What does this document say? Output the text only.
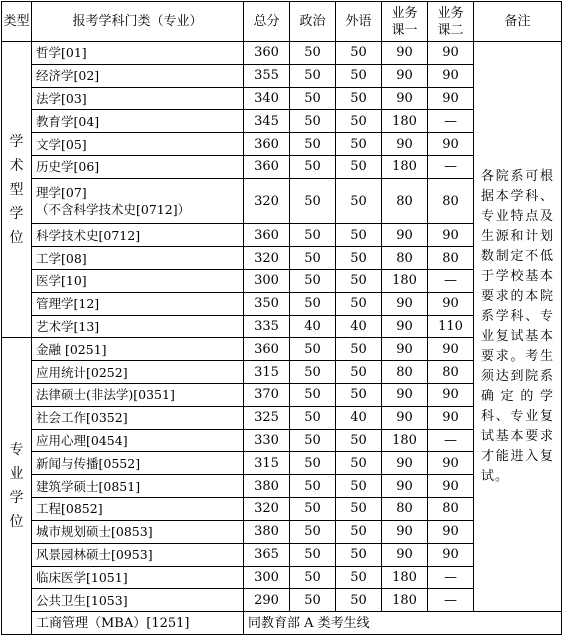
类型	报考学科门类（专业）	总分	政治	外语	业务课一	业务课二	备注

学术型学位	哲学[01]	360	50	50	90	90	各院系可根据本学科、专业特点及生源和计划数制定不低于学校基本要求的本院系学科、专业复试基本要求。考生须达到院系确定的学科、专业复试基本要求才能进入复试。

	经济学[02]	355	50	50	90	90	
	法学[03]	340	50	50	90	90	
	教育学[04]	345	50	50	180	—	
	文学[05]	360	50	50	90	90	
	历史学[06]	360	50	50	180	—	
	理学[07]
（不含科学技术史[0712]）	320	50	50	80	80	
	科学技术史[0712]	360	50	50	90	90	
	工学[08]	320	50	50	80	80	
	医学[10]	300	50	50	180	—	
	管理学[12]	350	50	50	90	90	
	艺术学[13]	335	40	40	90	110	

专业学位	金融 [0251]	360	50	50	90	90	
	应用统计[0252]	315	50	50	80	80	
	法律硕士(非法学)[0351]	370	50	50	90	90	
	社会工作[0352]	325	50	40	90	90	
	应用心理[0454]	330	50	50	180	—	
	新闻与传播[0552]	315	50	50	90	90	
	建筑学硕士[0851]	380	50	50	90	90	
	工程[0852]	320	50	50	80	80	
	城市规划硕士[0853]	380	50	50	90	90	
	风景园林硕士[0953]	365	50	50	90	90	
	临床医学[1051]	300	50	50	180	—	
	公共卫生[1053]	290	50	50	180	—	
	工商管理（MBA）[1251]	同教育部 A 类考生线					
